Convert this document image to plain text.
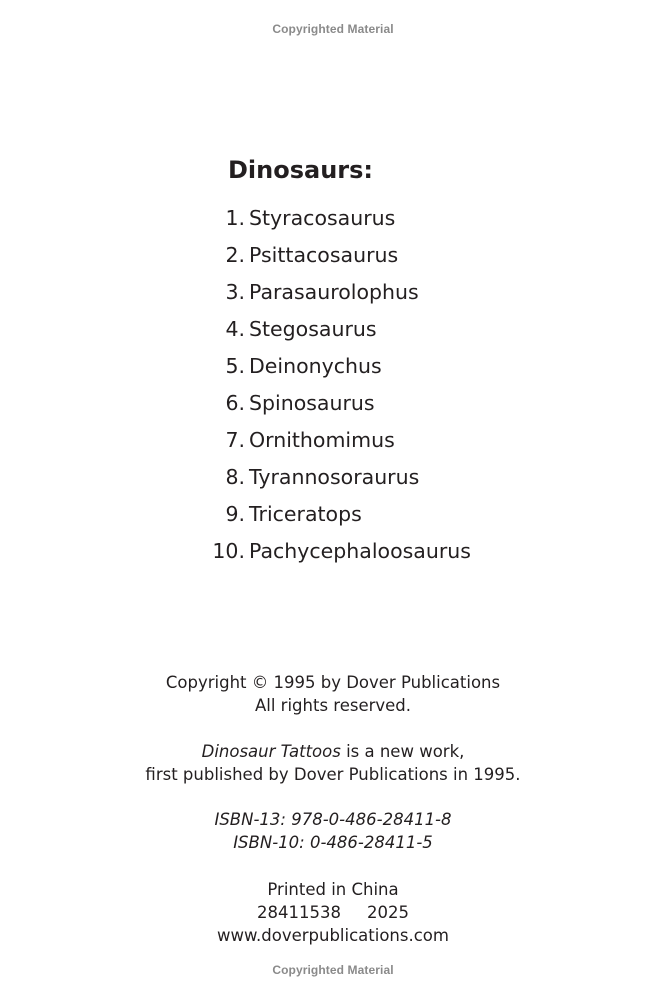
Copyrighted Material
Dinosaurs:
1. Styracosaurus
2. Psittacosaurus
3. Parasaurolophus
4. Stegosaurus
5. Deinonychus
6. Spinosaurus
7. Ornithomimus
8. Tyrannosoraurus
9. Triceratops
10. Pachycephaloosaurus
Copyright © 1995 by Dover Publications
All rights reserved.
Dinosaur Tattoos is a new work,
first published by Dover Publications in 1995.
ISBN-13: 978-0-486-28411-8
ISBN-10: 0-486-28411-5
Printed in China
28411538 2025
www.doverpublications.com
Copyrighted Material
